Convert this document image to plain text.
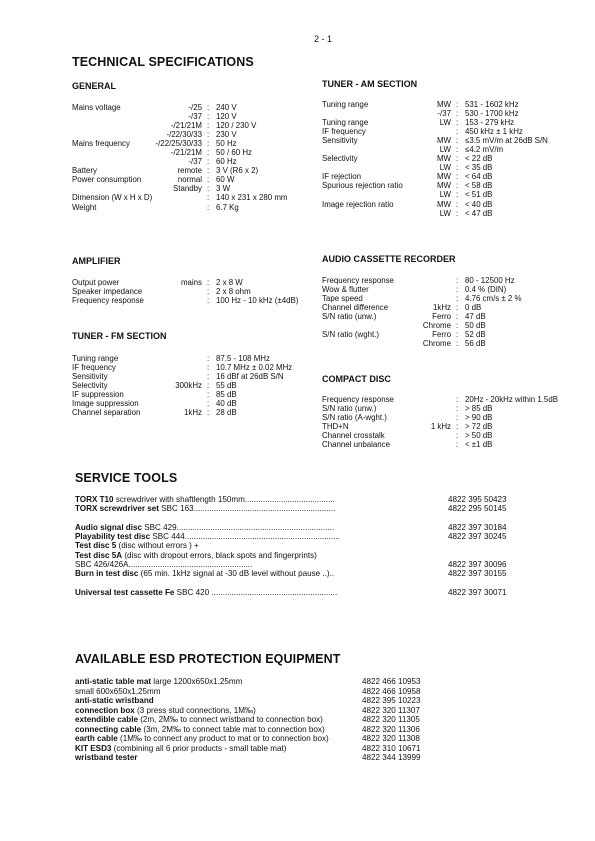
2 - 1
TECHNICAL SPECIFICATIONS
GENERAL
Mains voltage	-/25 : 240 V
-/37 : 120 V
-/21/21M : 120 / 230 V
-/22/30/33 : 230 V
Mains frequency	-/22/25/30/33 : 50 Hz
-/21/21M : 50 / 60 Hz
-/37 : 60 Hz
Battery	remote : 3 V (R6 x 2)
Power consumption	normal : 60 W
Standby : 3 W
Dimension (W x H x D)	: 140 x 231 x 280 mm
Weight	: 6.7 Kg
AMPLIFIER
Output power	mains : 2 x 8 W
Speaker impedance	: 2 x 8 ohm
Frequency response	: 100 Hz - 10 kHz (±4dB)
TUNER - FM SECTION
Tuning range	: 87.5 - 108 MHz
IF frequency	: 10.7 MHz ± 0.02 MHz
Sensitivity	: 16 dBf at 26dB S/N
Selectivity	300kHz : 55 dB
IF suppression	: 85 dB
Image suppression	: 40 dB
Channel separation	1kHz : 28 dB
TUNER - AM SECTION
Tuning range	MW : 531 - 1602 kHz
-/37 : 530 - 1700 kHz
Tuning range	LW : 153 - 279 kHz
IF frequency	: 450 kHz ± 1 kHz
Sensitivity	MW : ≤3.5 mV/m at 26dB S/N
LW : ≤4.2 mV/m
Selectivity	MW : < 22 dB
LW : < 35 dB
IF rejection	MW : < 64 dB
Spurious rejection ratio	MW : < 58 dB
LW : < 51 dB
Image rejection ratio	MW : < 40 dB
LW : < 47 dB
AUDIO CASSETTE RECORDER
Frequency response	: 80 - 12500 Hz
Wow & flutter	: 0.4 % (DIN)
Tape speed	: 4.76 cm/s ± 2 %
Channel difference	1kHz : 0 dB
S/N ratio (unw.)	Ferro : 47 dB
Chrome : 50 dB
S/N ratio (wght.)	Ferro : 52 dB
Chrome : 56 dB
COMPACT DISC
Frequency response	: 20Hz - 20kHz within 1.5dB
S/N ratio (unw.)	: > 85 dB
S/N ratio (A-wght.)	: > 90 dB
THD+N	1 kHz : > 72 dB
Channel crosstalk	: > 50 dB
Channel unbalance	: < ±1 dB
SERVICE TOOLS
TORX T10 screwdriver with shaftlength 150mm........................................	4822 395 50423
TORX screwdriver set SBC 163...............................................................	4822 295 50145
Audio signal disc SBC 429......................................................................	4822 397 30184
Playability test disc SBC 444.....................................................................	4822 397 30245
Test disc 5 (disc without errors ) +
Test disc 5A (disc with dropout errors, black spots and fingerprints)
SBC 426/426A.......................................................	4822 397 30096
Burn in test disc (65 min. 1kHz signal at -30 dB level without pause ..)..	4822 397 30155
Universal test cassette Fe SBC 420 ........................................................	4822 397 30071
AVAILABLE ESD PROTECTION EQUIPMENT
anti-static table mat large 1200x650x1.25mm	4822 466 10953
small 600x650x1.25mm	4822 466 10958
anti-static wristband	4822 395 10223
connection box (3 press stud connections, 1M‰)	4822 320 11307
extendible cable (2m, 2M‰ to connect wristband to connection box)	4822 320 11305
connecting cable (3m, 2M‰ to connect table mat to connection box)	4822 320 11306
earth cable (1M‰ to connect any product to mat or to connection box)	4822 320 11308
KIT ESD3 (combining all 6 prior products - small table mat)	4822 310 10671
wristband tester	4822 344 13999
